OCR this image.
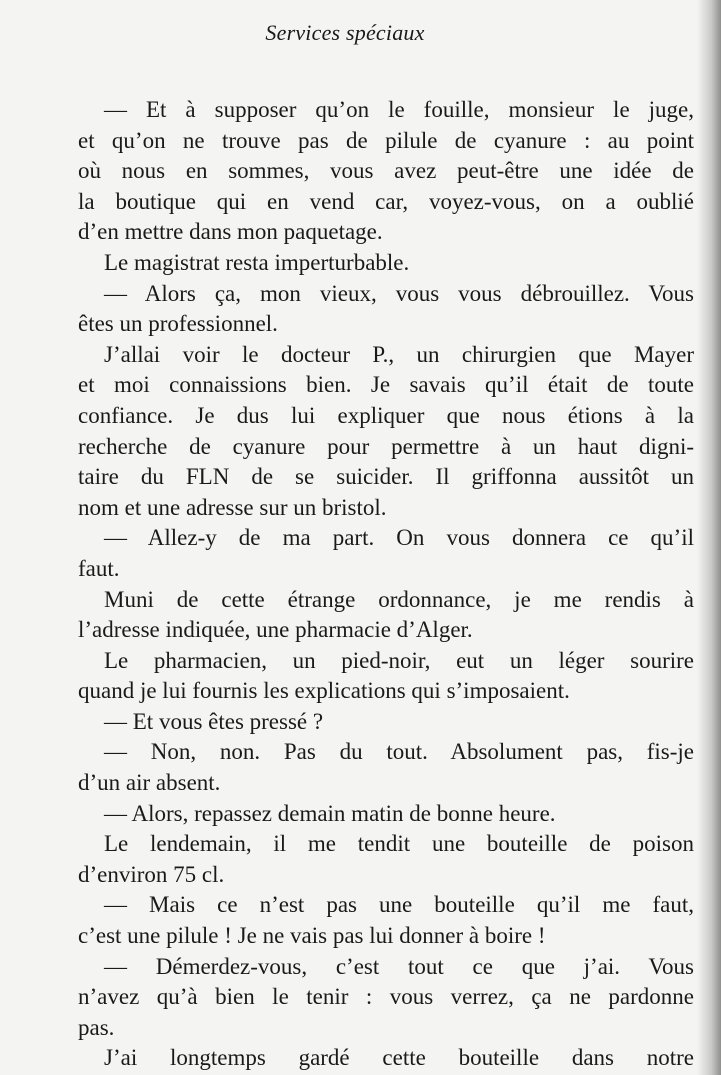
Services spéciaux
— Et à supposer qu’on le fouille, monsieur le juge,
et qu’on ne trouve pas de pilule de cyanure : au point
où nous en sommes, vous avez peut-être une idée de
la boutique qui en vend car, voyez-vous, on a oublié
d’en mettre dans mon paquetage.
Le magistrat resta imperturbable.
— Alors ça, mon vieux, vous vous débrouillez. Vous
êtes un professionnel.
J’allai voir le docteur P., un chirurgien que Mayer
et moi connaissions bien. Je savais qu’il était de toute
confiance. Je dus lui expliquer que nous étions à la
recherche de cyanure pour permettre à un haut digni-
taire du FLN de se suicider. Il griffonna aussitôt un
nom et une adresse sur un bristol.
— Allez-y de ma part. On vous donnera ce qu’il
faut.
Muni de cette étrange ordonnance, je me rendis à
l’adresse indiquée, une pharmacie d’Alger.
Le pharmacien, un pied-noir, eut un léger sourire
quand je lui fournis les explications qui s’imposaient.
— Et vous êtes pressé ?
— Non, non. Pas du tout. Absolument pas, fis-je
d’un air absent.
— Alors, repassez demain matin de bonne heure.
Le lendemain, il me tendit une bouteille de poison
d’environ 75 cl.
— Mais ce n’est pas une bouteille qu’il me faut,
c’est une pilule ! Je ne vais pas lui donner à boire !
— Démerdez-vous, c’est tout ce que j’ai. Vous
n’avez qu’à bien le tenir : vous verrez, ça ne pardonne
pas.
J’ai longtemps gardé cette bouteille dans notre
